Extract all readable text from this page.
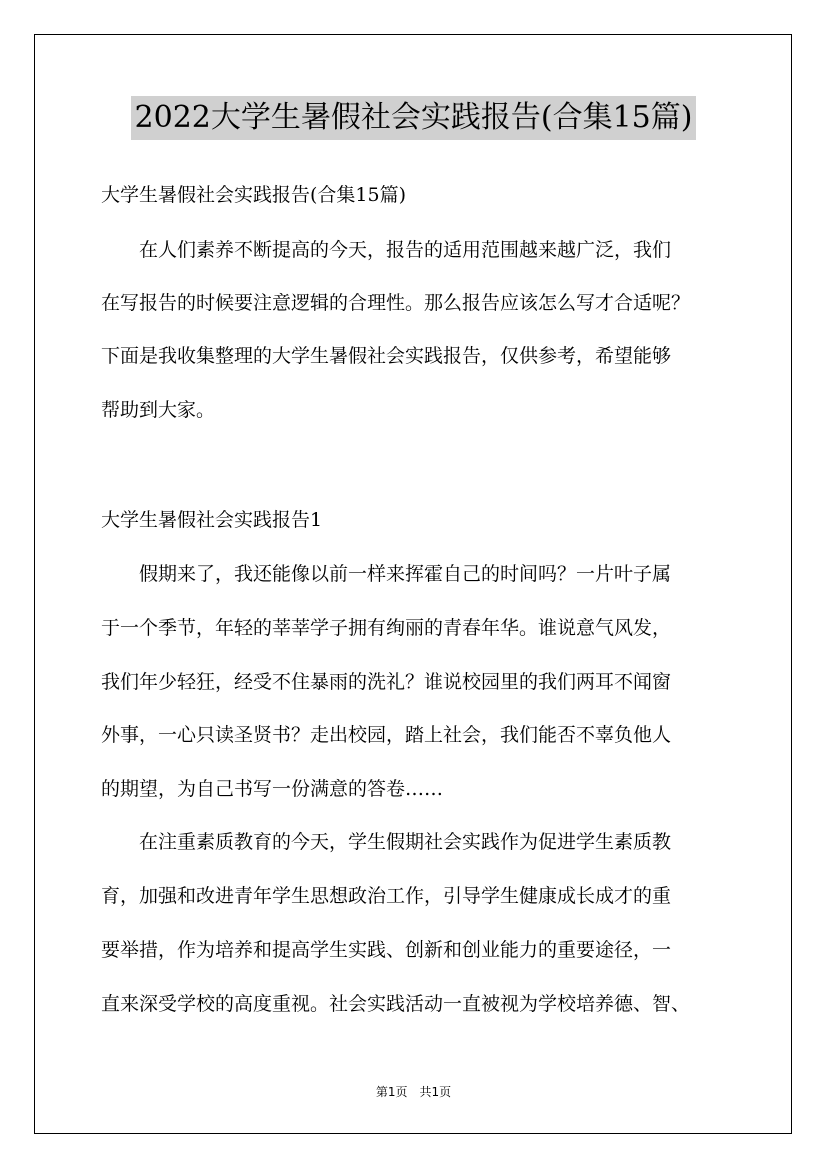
2022大学生暑假社会实践报告(合集15篇)
大学生暑假社会实践报告(合集15篇)
　　在人们素养不断提高的今天，报告的适用范围越来越广泛，我们
在写报告的时候要注意逻辑的合理性。那么报告应该怎么写才合适呢？
下面是我收集整理的大学生暑假社会实践报告，仅供参考，希望能够
帮助到大家。
大学生暑假社会实践报告1
　　假期来了，我还能像以前一样来挥霍自己的时间吗？一片叶子属
于一个季节，年轻的莘莘学子拥有绚丽的青春年华。谁说意气风发，
我们年少轻狂，经受不住暴雨的洗礼？谁说校园里的我们两耳不闻窗
外事，一心只读圣贤书？走出校园，踏上社会，我们能否不辜负他人
的期望，为自己书写一份满意的答卷……
　　在注重素质教育的今天，学生假期社会实践作为促进学生素质教
育，加强和改进青年学生思想政治工作，引导学生健康成长成才的重
要举措，作为培养和提高学生实践、创新和创业能力的重要途径，一
直来深受学校的高度重视。社会实践活动一直被视为学校培养德、智、
第1页　共1页
